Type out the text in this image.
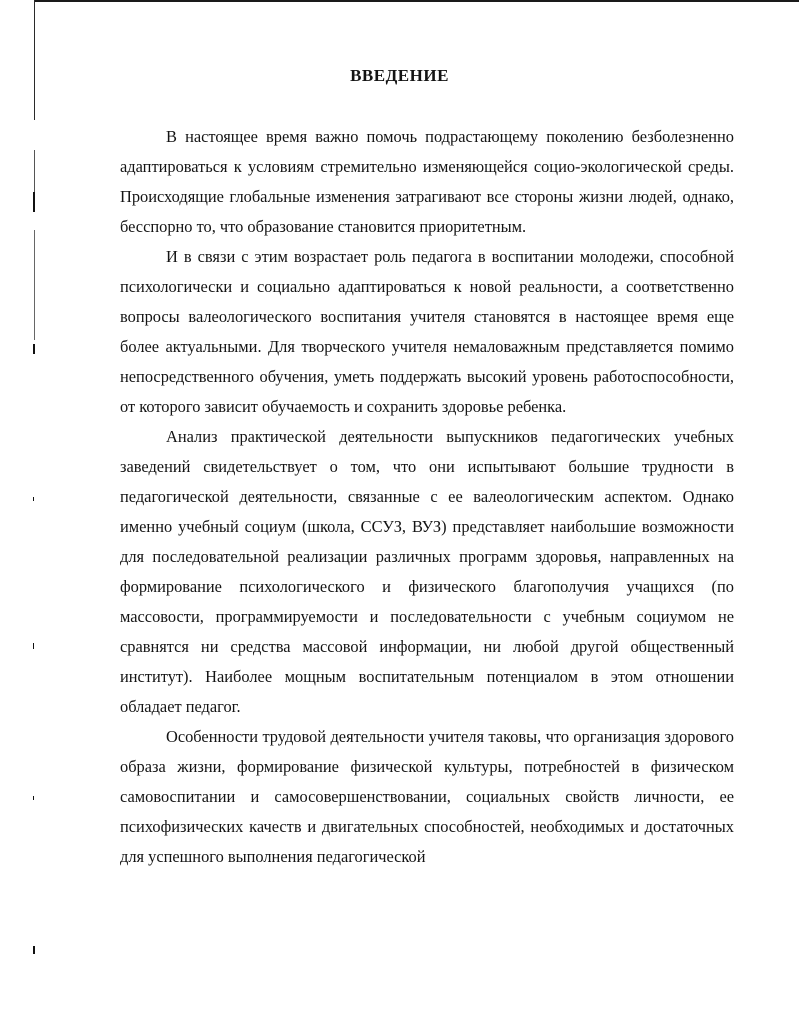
ВВЕДЕНИЕ

В настоящее время важно помочь подрастающему поколению безболезненно адаптироваться к условиям стремительно изменяющейся социо-экологической среды. Происходящие глобальные изменения затрагивают все стороны жизни людей, однако, бесспорно то, что образование становится приоритетным.

И в связи с этим возрастает роль педагога в воспитании молодежи, способной психологически и социально адаптироваться к новой реальности, а соответственно вопросы валеологического воспитания учителя становятся в настоящее время еще более актуальными. Для творческого учителя немаловажным представляется помимо непосредственного обучения, уметь поддержать высокий уровень работоспособности, от которого зависит обучаемость и сохранить здоровье ребенка.

Анализ практической деятельности выпускников педагогических учебных заведений свидетельствует о том, что они испытывают большие трудности в педагогической деятельности, связанные с ее валеологическим аспектом. Однако именно учебный социум (школа, ССУЗ, ВУЗ) представляет наибольшие возможности для последовательной реализации различных программ здоровья, направленных на формирование психологического и физического благополучия учащихся (по массовости, программируемости и последовательности с учебным социумом не сравнятся ни средства массовой информации, ни любой другой общественный институт). Наиболее мощным воспитательным потенциалом в этом отношении обладает педагог.

Особенности трудовой деятельности учителя таковы, что организация здорового образа жизни, формирование физической культуры, потребностей в физическом самовоспитании и самосовершенствовании, социальных свойств личности, ее психофизических качеств и двигательных способностей, необходимых и достаточных для успешного выполнения педагогической
